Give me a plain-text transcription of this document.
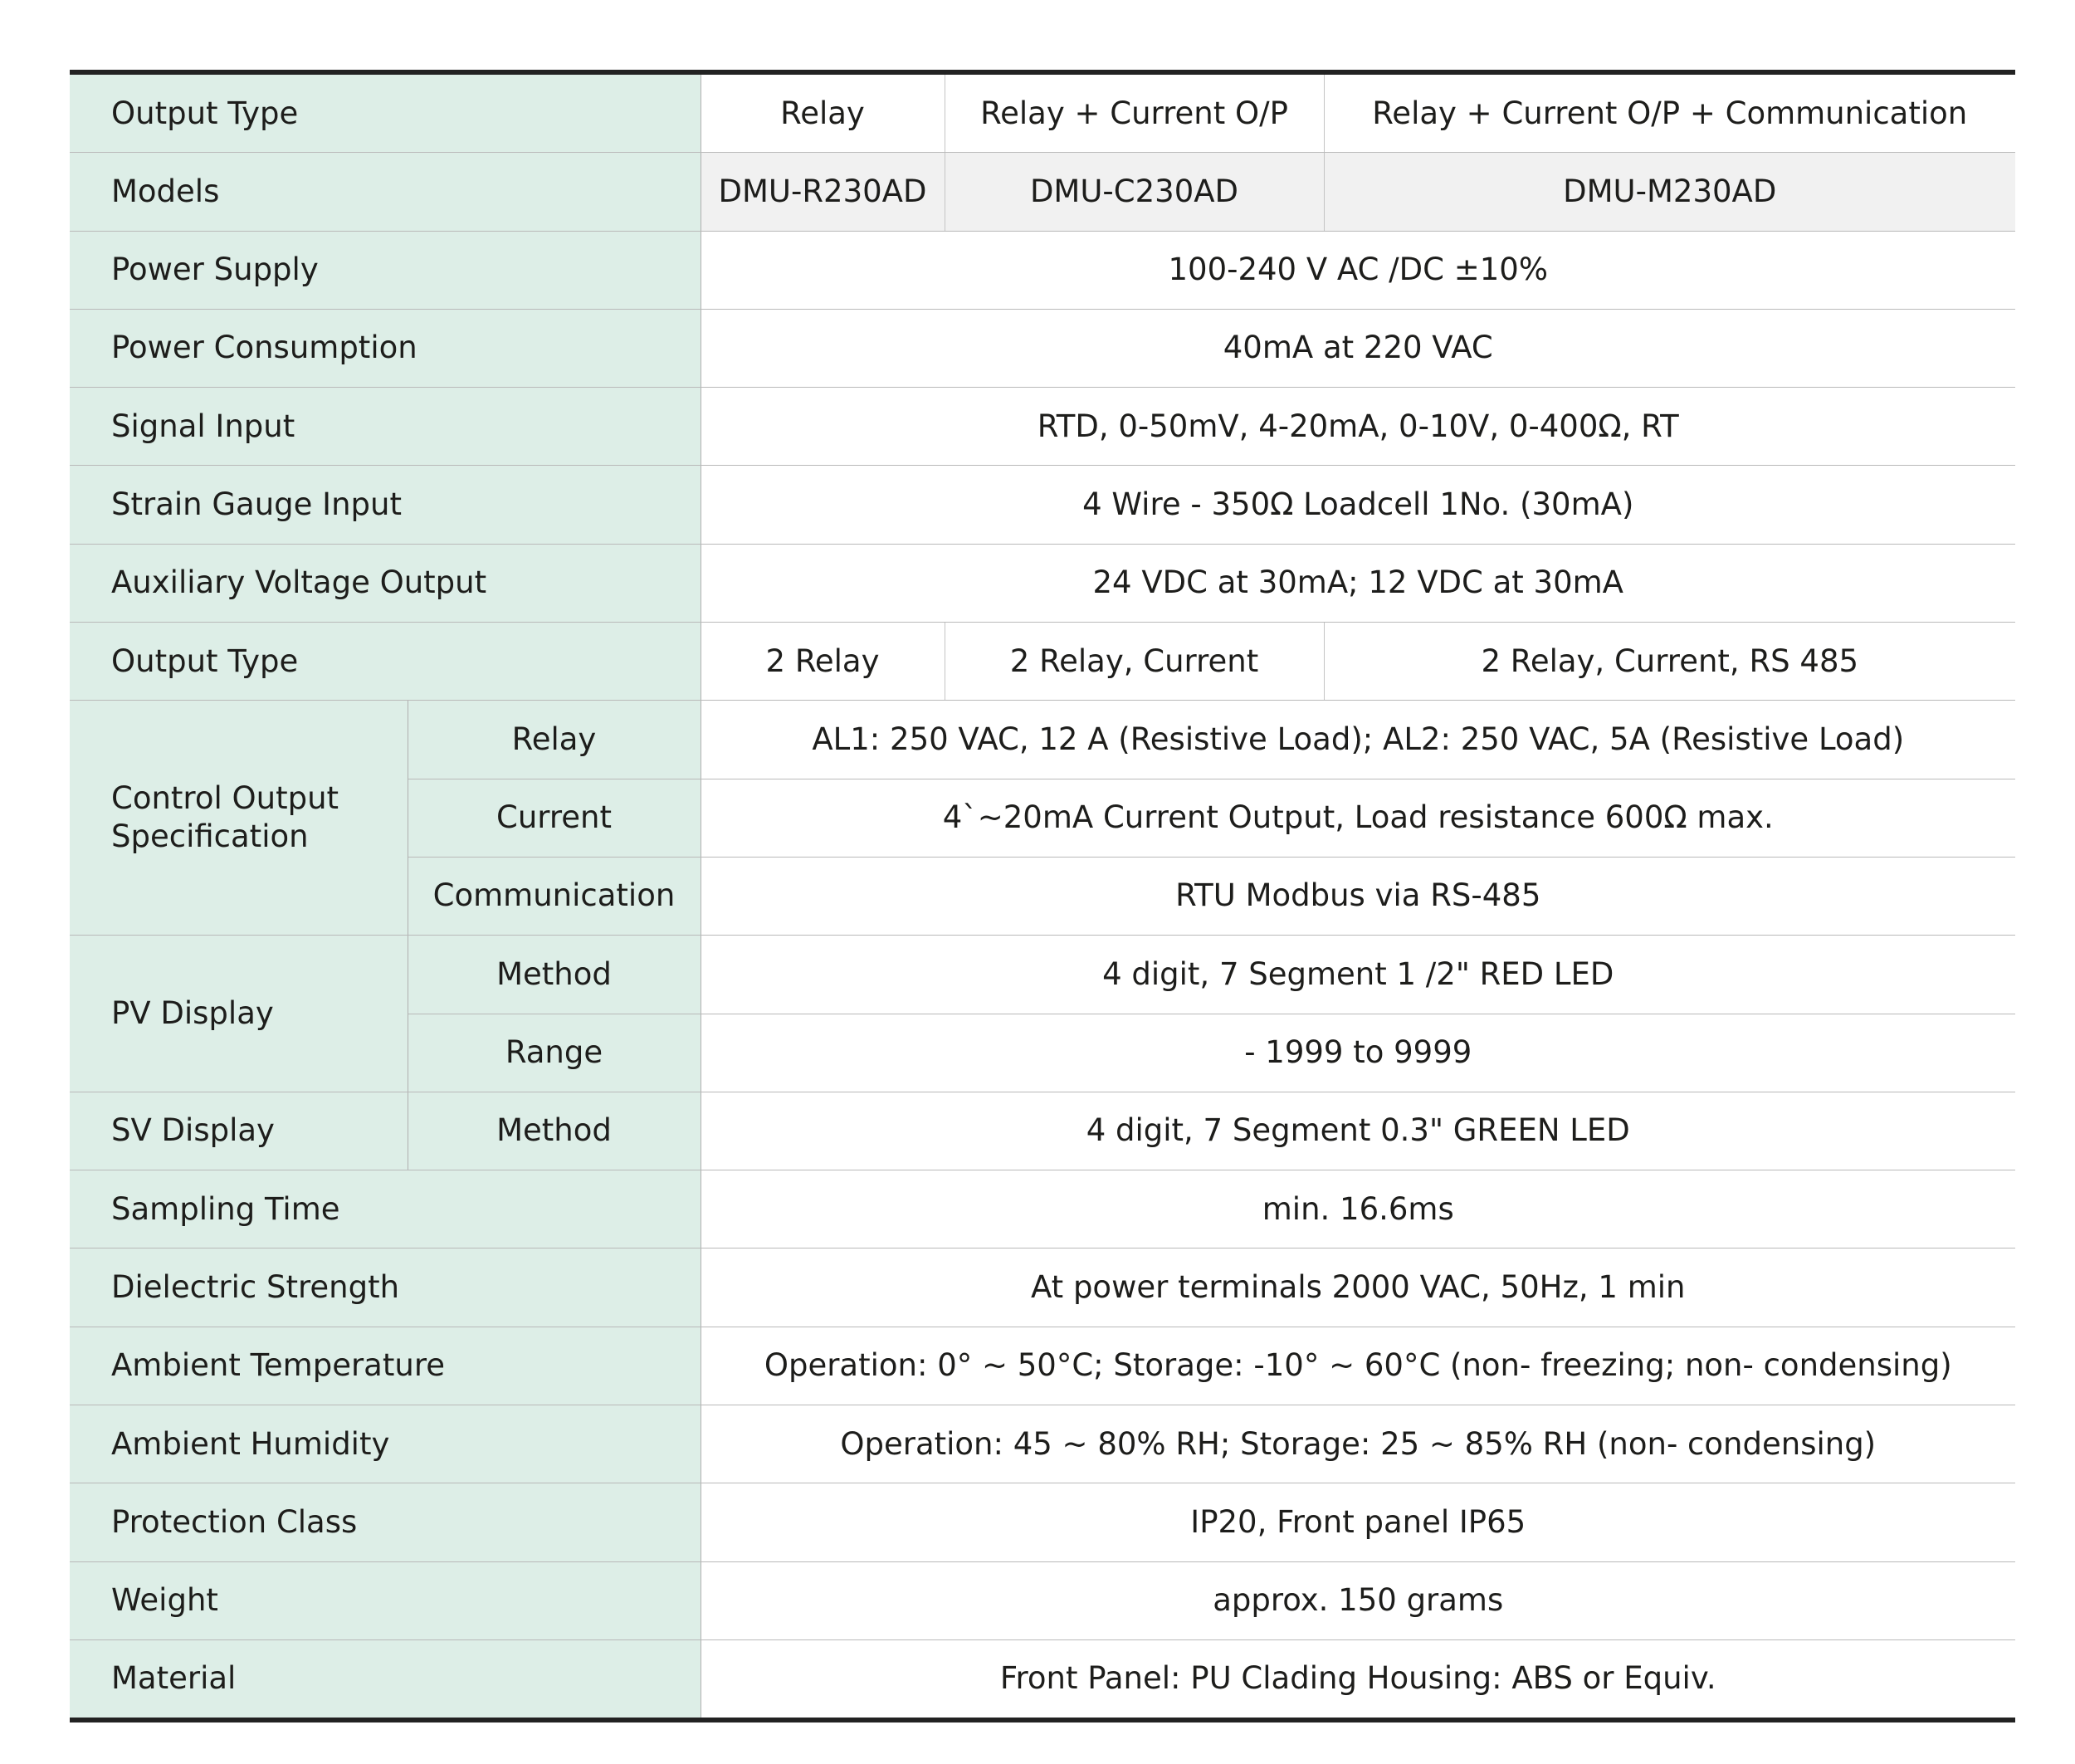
Output Type		Relay	Relay + Current O/P	Relay + Current O/P + Communication
Models		DMU-R230AD	DMU-C230AD	DMU-M230AD
Power Supply		100-240 V AC /DC ±10%		
Power Consumption		40mA at 220 VAC		
Signal Input		RTD, 0-50mV, 4-20mA, 0-10V, 0-400Ω, RT		
Strain Gauge Input		4 Wire - 350Ω Loadcell 1No. (30mA)		
Auxiliary Voltage Output		24 VDC at 30mA; 12 VDC at 30mA		
Output Type		2 Relay	2 Relay, Current	2 Relay, Current, RS 485
Control Output
Specification	Relay	AL1: 250 VAC, 12 A (Resistive Load); AL2: 250 VAC, 5A (Resistive Load)		
	Current	4`~20mA Current Output, Load resistance 600Ω max.		
	Communication	RTU Modbus via RS-485		
PV Display	Method	4 digit, 7 Segment 1 /2" RED LED		
	Range	- 1999 to 9999		
SV Display	Method	4 digit, 7 Segment 0.3" GREEN LED		
Sampling Time		min. 16.6ms		
Dielectric Strength		At power terminals 2000 VAC, 50Hz, 1 min		
Ambient Temperature		Operation: 0° ~ 50°C; Storage: -10° ~ 60°C (non- freezing; non- condensing)		
Ambient Humidity		Operation: 45 ~ 80% RH; Storage: 25 ~ 85% RH (non- condensing)		
Protection Class		IP20, Front panel IP65		
Weight		approx. 150 grams		
Material		Front Panel: PU Clading Housing: ABS or Equiv.		
